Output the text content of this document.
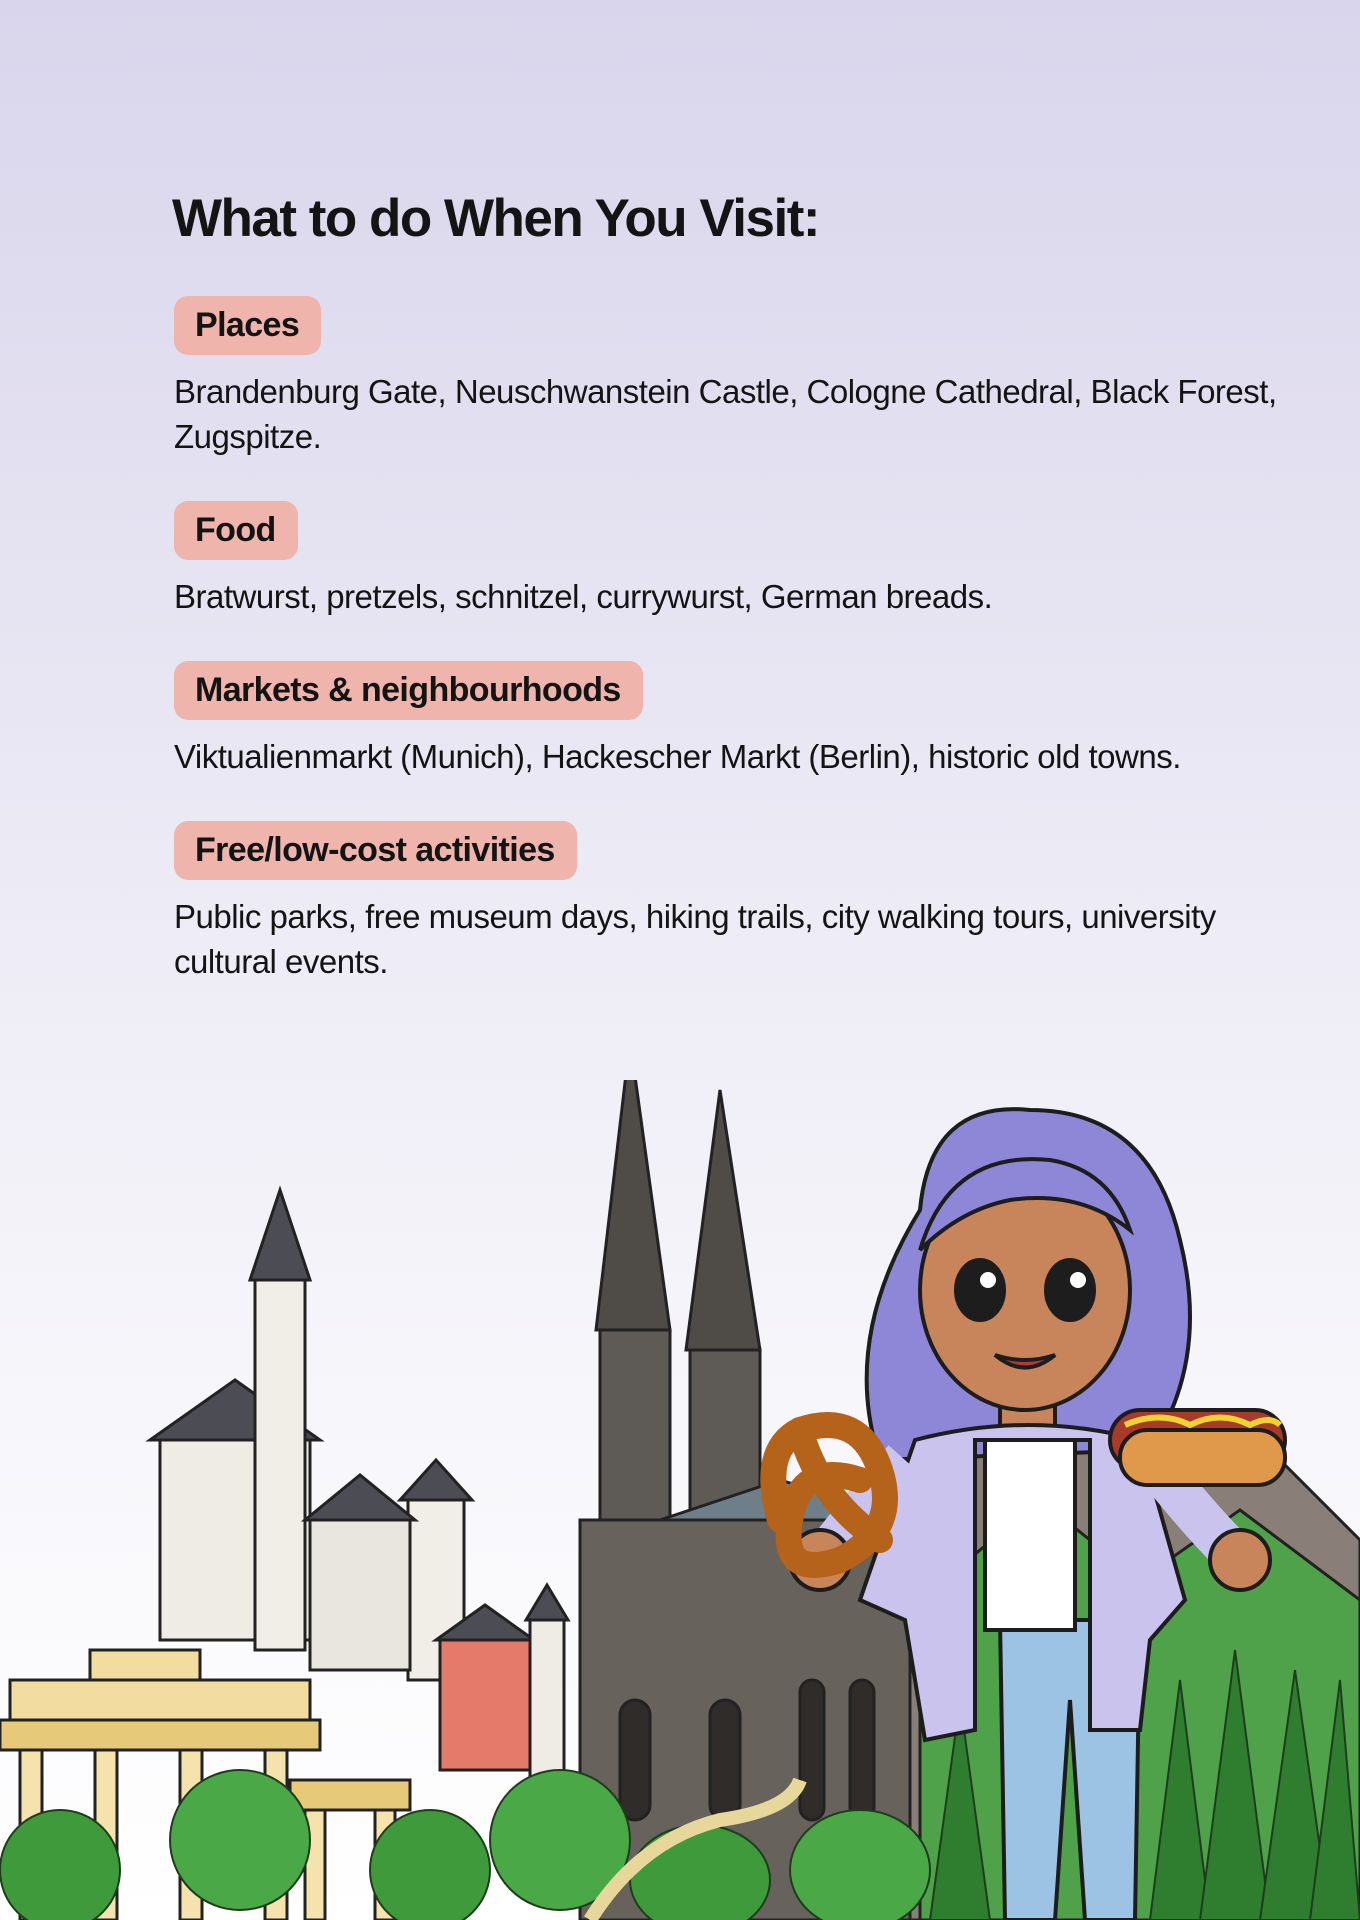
What to do When You Visit:
Places

Brandenburg Gate, Neuschwanstein Castle, Cologne Cathedral, Black Forest, Zugspitze.

Food

Bratwurst, pretzels, schnitzel, currywurst, German breads.

Markets & neighbourhoods

Viktualienmarkt (Munich), Hackescher Markt (Berlin), historic old towns.

Free/low-cost activities

Public parks, free museum days, hiking trails, city walking tours, university cultural events.
